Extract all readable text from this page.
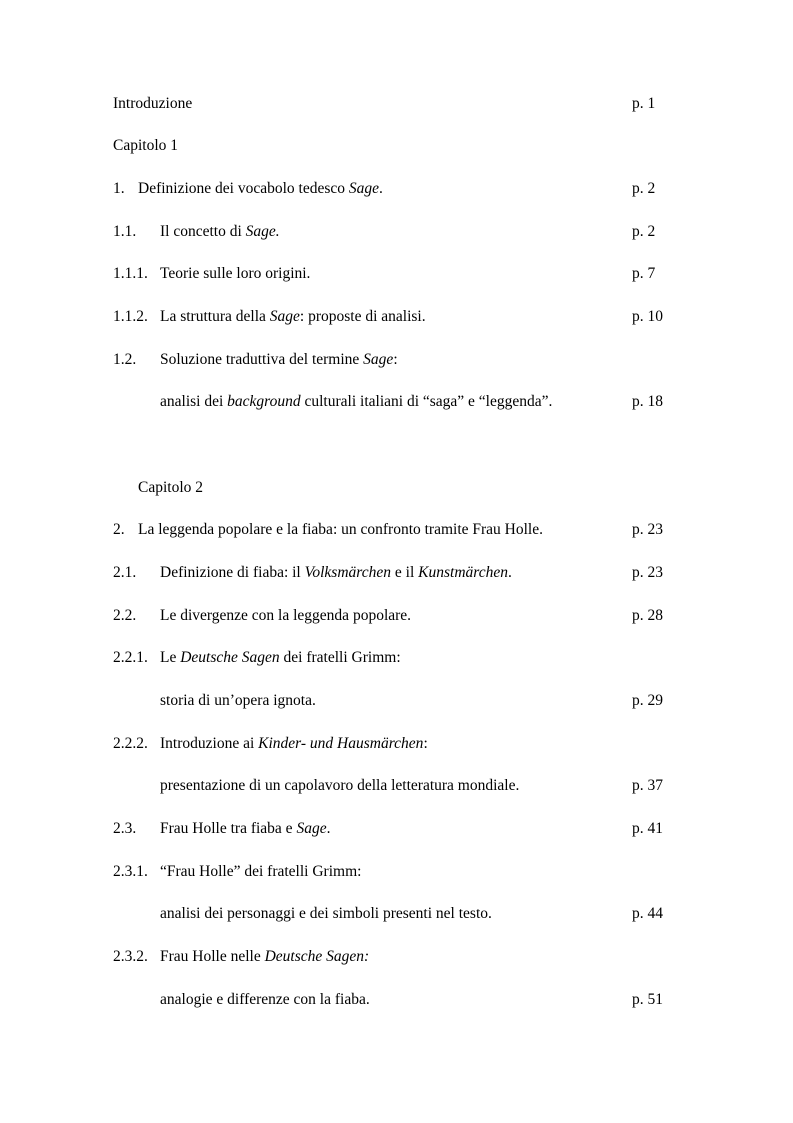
Introduzione	p. 1
Capitolo 1
1. Definizione dei vocabolo tedesco Sage.	p. 2
1.1. Il concetto di Sage.	p. 2
1.1.1. Teorie sulle loro origini.	p. 7
1.1.2. La struttura della Sage: proposte di analisi.	p. 10
1.2. Soluzione traduttiva del termine Sage:
analisi dei background culturali italiani di “saga” e “leggenda”.	p. 18
Capitolo 2
2. La leggenda popolare e la fiaba: un confronto tramite Frau Holle.	p. 23
2.1. Definizione di fiaba: il Volksmärchen e il Kunstmärchen.	p. 23
2.2. Le divergenze con la leggenda popolare.	p. 28
2.2.1. Le Deutsche Sagen dei fratelli Grimm:
storia di un’opera ignota.	p. 29
2.2.2. Introduzione ai Kinder- und Hausmärchen:
presentazione di un capolavoro della letteratura mondiale.	p. 37
2.3. Frau Holle tra fiaba e Sage.	p. 41
2.3.1. “Frau Holle” dei fratelli Grimm:
analisi dei personaggi e dei simboli presenti nel testo.	p. 44
2.3.2. Frau Holle nelle Deutsche Sagen:
analogie e differenze con la fiaba.	p. 51
